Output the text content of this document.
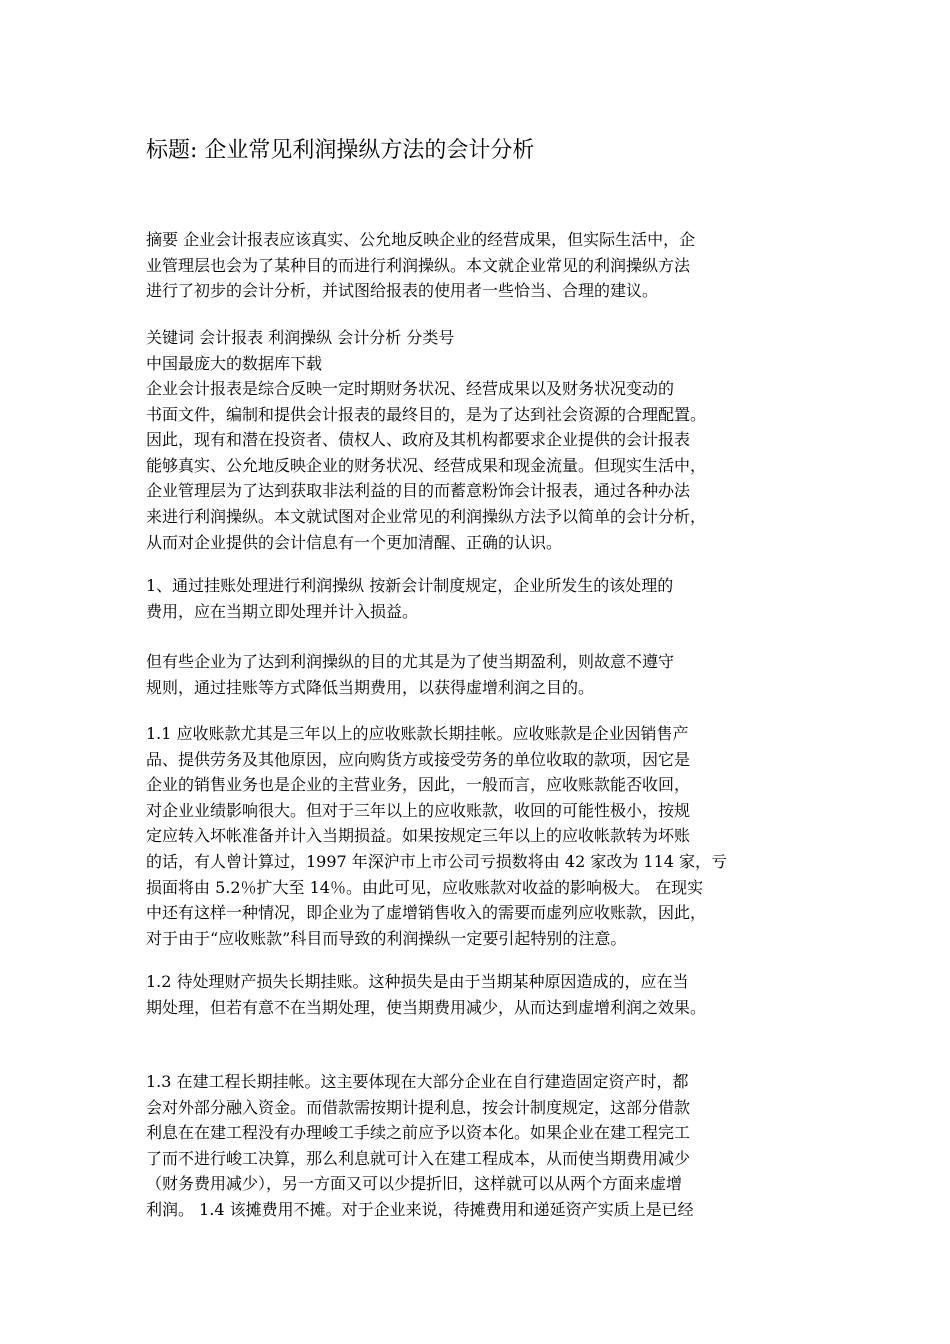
标题: 企业常见利润操纵方法的会计分析
摘要 企业会计报表应该真实、公允地反映企业的经营成果，但实际生活中，企
业管理层也会为了某种目的而进行利润操纵。本文就企业常见的利润操纵方法
进行了初步的会计分析，并试图给报表的使用者一些恰当、合理的建议。
关键词 会计报表 利润操纵 会计分析 分类号
中国最庞大的数据库下载
企业会计报表是综合反映一定时期财务状况、经营成果以及财务状况变动的
书面文件，编制和提供会计报表的最终目的，是为了达到社会资源的合理配置。
因此，现有和潜在投资者、债权人、政府及其机构都要求企业提供的会计报表
能够真实、公允地反映企业的财务状况、经营成果和现金流量。但现实生活中，
企业管理层为了达到获取非法利益的目的而蓄意粉饰会计报表，通过各种办法
来进行利润操纵。本文就试图对企业常见的利润操纵方法予以简单的会计分析，
从而对企业提供的会计信息有一个更加清醒、正确的认识。
1、通过挂账处理进行利润操纵 按新会计制度规定，企业所发生的该处理的
费用，应在当期立即处理并计入损益。
但有些企业为了达到利润操纵的目的尤其是为了使当期盈利，则故意不遵守
规则，通过挂账等方式降低当期费用，以获得虚增利润之目的。
1.1 应收账款尤其是三年以上的应收账款长期挂帐。应收账款是企业因销售产
品、提供劳务及其他原因，应向购货方或接受劳务的单位收取的款项，因它是
企业的销售业务也是企业的主营业务，因此，一般而言，应收账款能否收回，
对企业业绩影响很大。但对于三年以上的应收账款，收回的可能性极小，按规
定应转入坏帐准备并计入当期损益。如果按规定三年以上的应收帐款转为坏账
的话，有人曾计算过，1997 年深沪市上市公司亏损数将由 42 家改为 114 家，亏
损面将由 5.2％扩大至 14％。由此可见，应收账款对收益的影响极大。 在现实
中还有这样一种情况，即企业为了虚增销售收入的需要而虚列应收账款，因此，
对于由于“应收账款”科目而导致的利润操纵一定要引起特别的注意。
1.2 待处理财产损失长期挂账。这种损失是由于当期某种原因造成的，应在当
期处理，但若有意不在当期处理，使当期费用减少，从而达到虚增利润之效果。
1.3 在建工程长期挂帐。这主要体现在大部分企业在自行建造固定资产时，都
会对外部分融入资金。而借款需按期计提利息，按会计制度规定，这部分借款
利息在在建工程没有办理峻工手续之前应予以资本化。如果企业在建工程完工
了而不进行峻工决算，那么利息就可计入在建工程成本，从而使当期费用减少
（财务费用减少），另一方面又可以少提折旧，这样就可以从两个方面来虚增
利润。 1.4 该摊费用不摊。对于企业来说，待摊费用和递延资产实质上是已经
